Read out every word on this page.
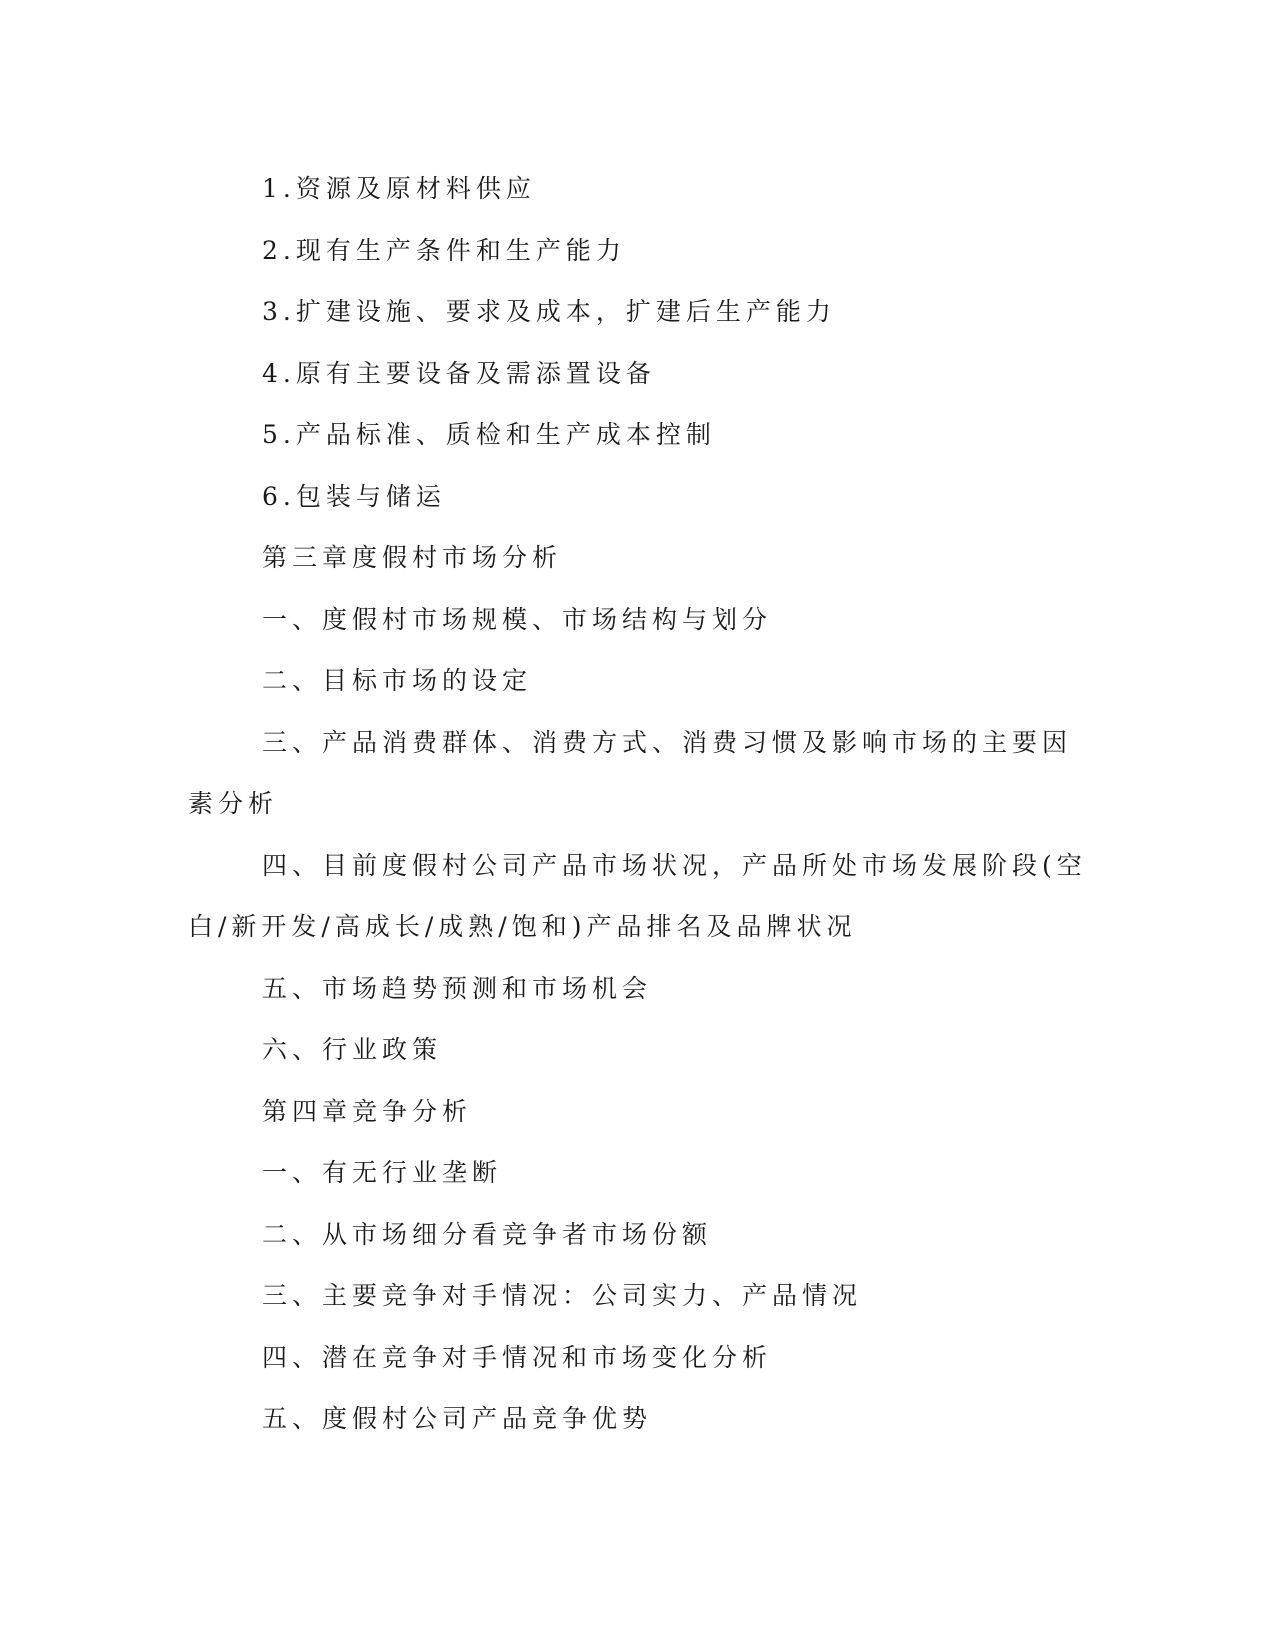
1.资源及原材料供应

2.现有生产条件和生产能力

3.扩建设施、要求及成本，扩建后生产能力

4.原有主要设备及需添置设备

5.产品标准、质检和生产成本控制

6.包装与储运

第三章度假村市场分析

一、度假村市场规模、市场结构与划分

二、目标市场的设定

三、产品消费群体、消费方式、消费习惯及影响市场的主要因素分析

四、目前度假村公司产品市场状况，产品所处市场发展阶段(空白/新开发/高成长/成熟/饱和)产品排名及品牌状况

五、市场趋势预测和市场机会

六、行业政策

第四章竞争分析

一、有无行业垄断

二、从市场细分看竞争者市场份额

三、主要竞争对手情况：公司实力、产品情况

四、潜在竞争对手情况和市场变化分析

五、度假村公司产品竞争优势
